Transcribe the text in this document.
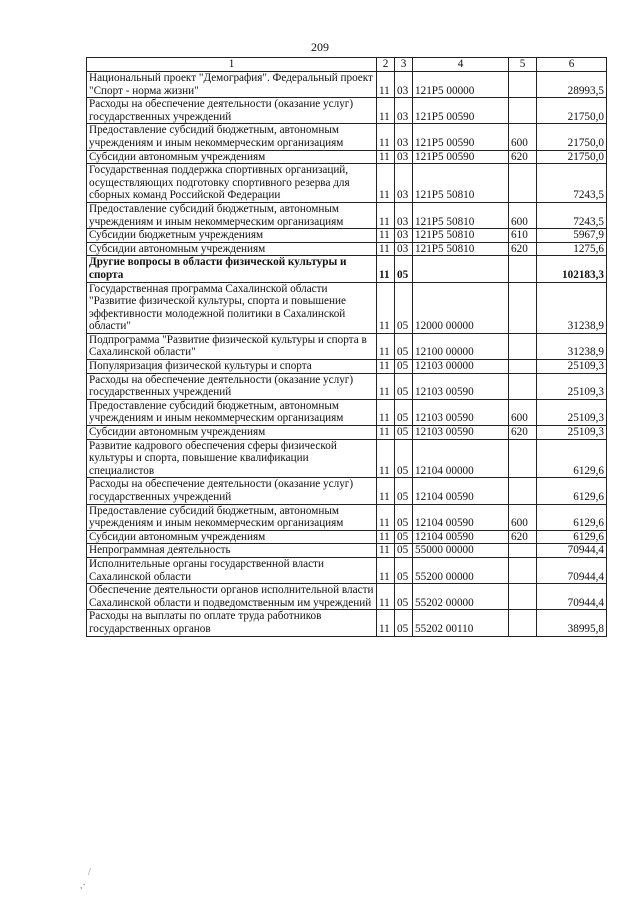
209
1	2	3	4	5	6
Национальный проект "Демография". Федеральный проект "Спорт - норма жизни"	11	03	121P5 00000		28993,5
Расходы на обеспечение деятельности (оказание услуг) государственных учреждений	11	03	121P5 00590		21750,0
Предоставление субсидий бюджетным, автономным учреждениям и иным некоммерческим организациям	11	03	121P5 00590	600	21750,0
Субсидии автономным учреждениям	11	03	121P5 00590	620	21750,0
Государственная поддержка спортивных организаций, осуществляющих подготовку спортивного резерва для сборных команд Российской Федерации	11	03	121P5 50810		7243,5
Предоставление субсидий бюджетным, автономным учреждениям и иным некоммерческим организациям	11	03	121P5 50810	600	7243,5
Субсидии бюджетным учреждениям	11	03	121P5 50810	610	5967,9
Субсидии автономным учреждениям	11	03	121P5 50810	620	1275,6
Другие вопросы в области физической культуры и спорта	11	05			102183,3
Государственная программа Сахалинской области "Развитие физической культуры, спорта и повышение эффективности молодежной политики в Сахалинской области"	11	05	12000 00000		31238,9
Подпрограмма "Развитие физической культуры и спорта в Сахалинской области"	11	05	12100 00000		31238,9
Популяризация физической культуры и спорта	11	05	12103 00000		25109,3
Расходы на обеспечение деятельности (оказание услуг) государственных учреждений	11	05	12103 00590		25109,3
Предоставление субсидий бюджетным, автономным учреждениям и иным некоммерческим организациям	11	05	12103 00590	600	25109,3
Субсидии автономным учреждениям	11	05	12103 00590	620	25109,3
Развитие кадрового обеспечения сферы физической культуры и спорта, повышение квалификации специалистов	11	05	12104 00000		6129,6
Расходы на обеспечение деятельности (оказание услуг) государственных учреждений	11	05	12104 00590		6129,6
Предоставление субсидий бюджетным, автономным учреждениям и иным некоммерческим организациям	11	05	12104 00590	600	6129,6
Субсидии автономным учреждениям	11	05	12104 00590	620	6129,6
Непрограммная деятельность	11	05	55000 00000		70944,4
Исполнительные органы государственной власти Сахалинской области	11	05	55200 00000		70944,4
Обеспечение деятельности органов исполнительной власти Сахалинской области и подведомственным им учреждений	11	05	55202 00000		70944,4
Расходы на выплаты по оплате труда работников государственных органов	11	05	55202 00110		38995,8
/
,·
